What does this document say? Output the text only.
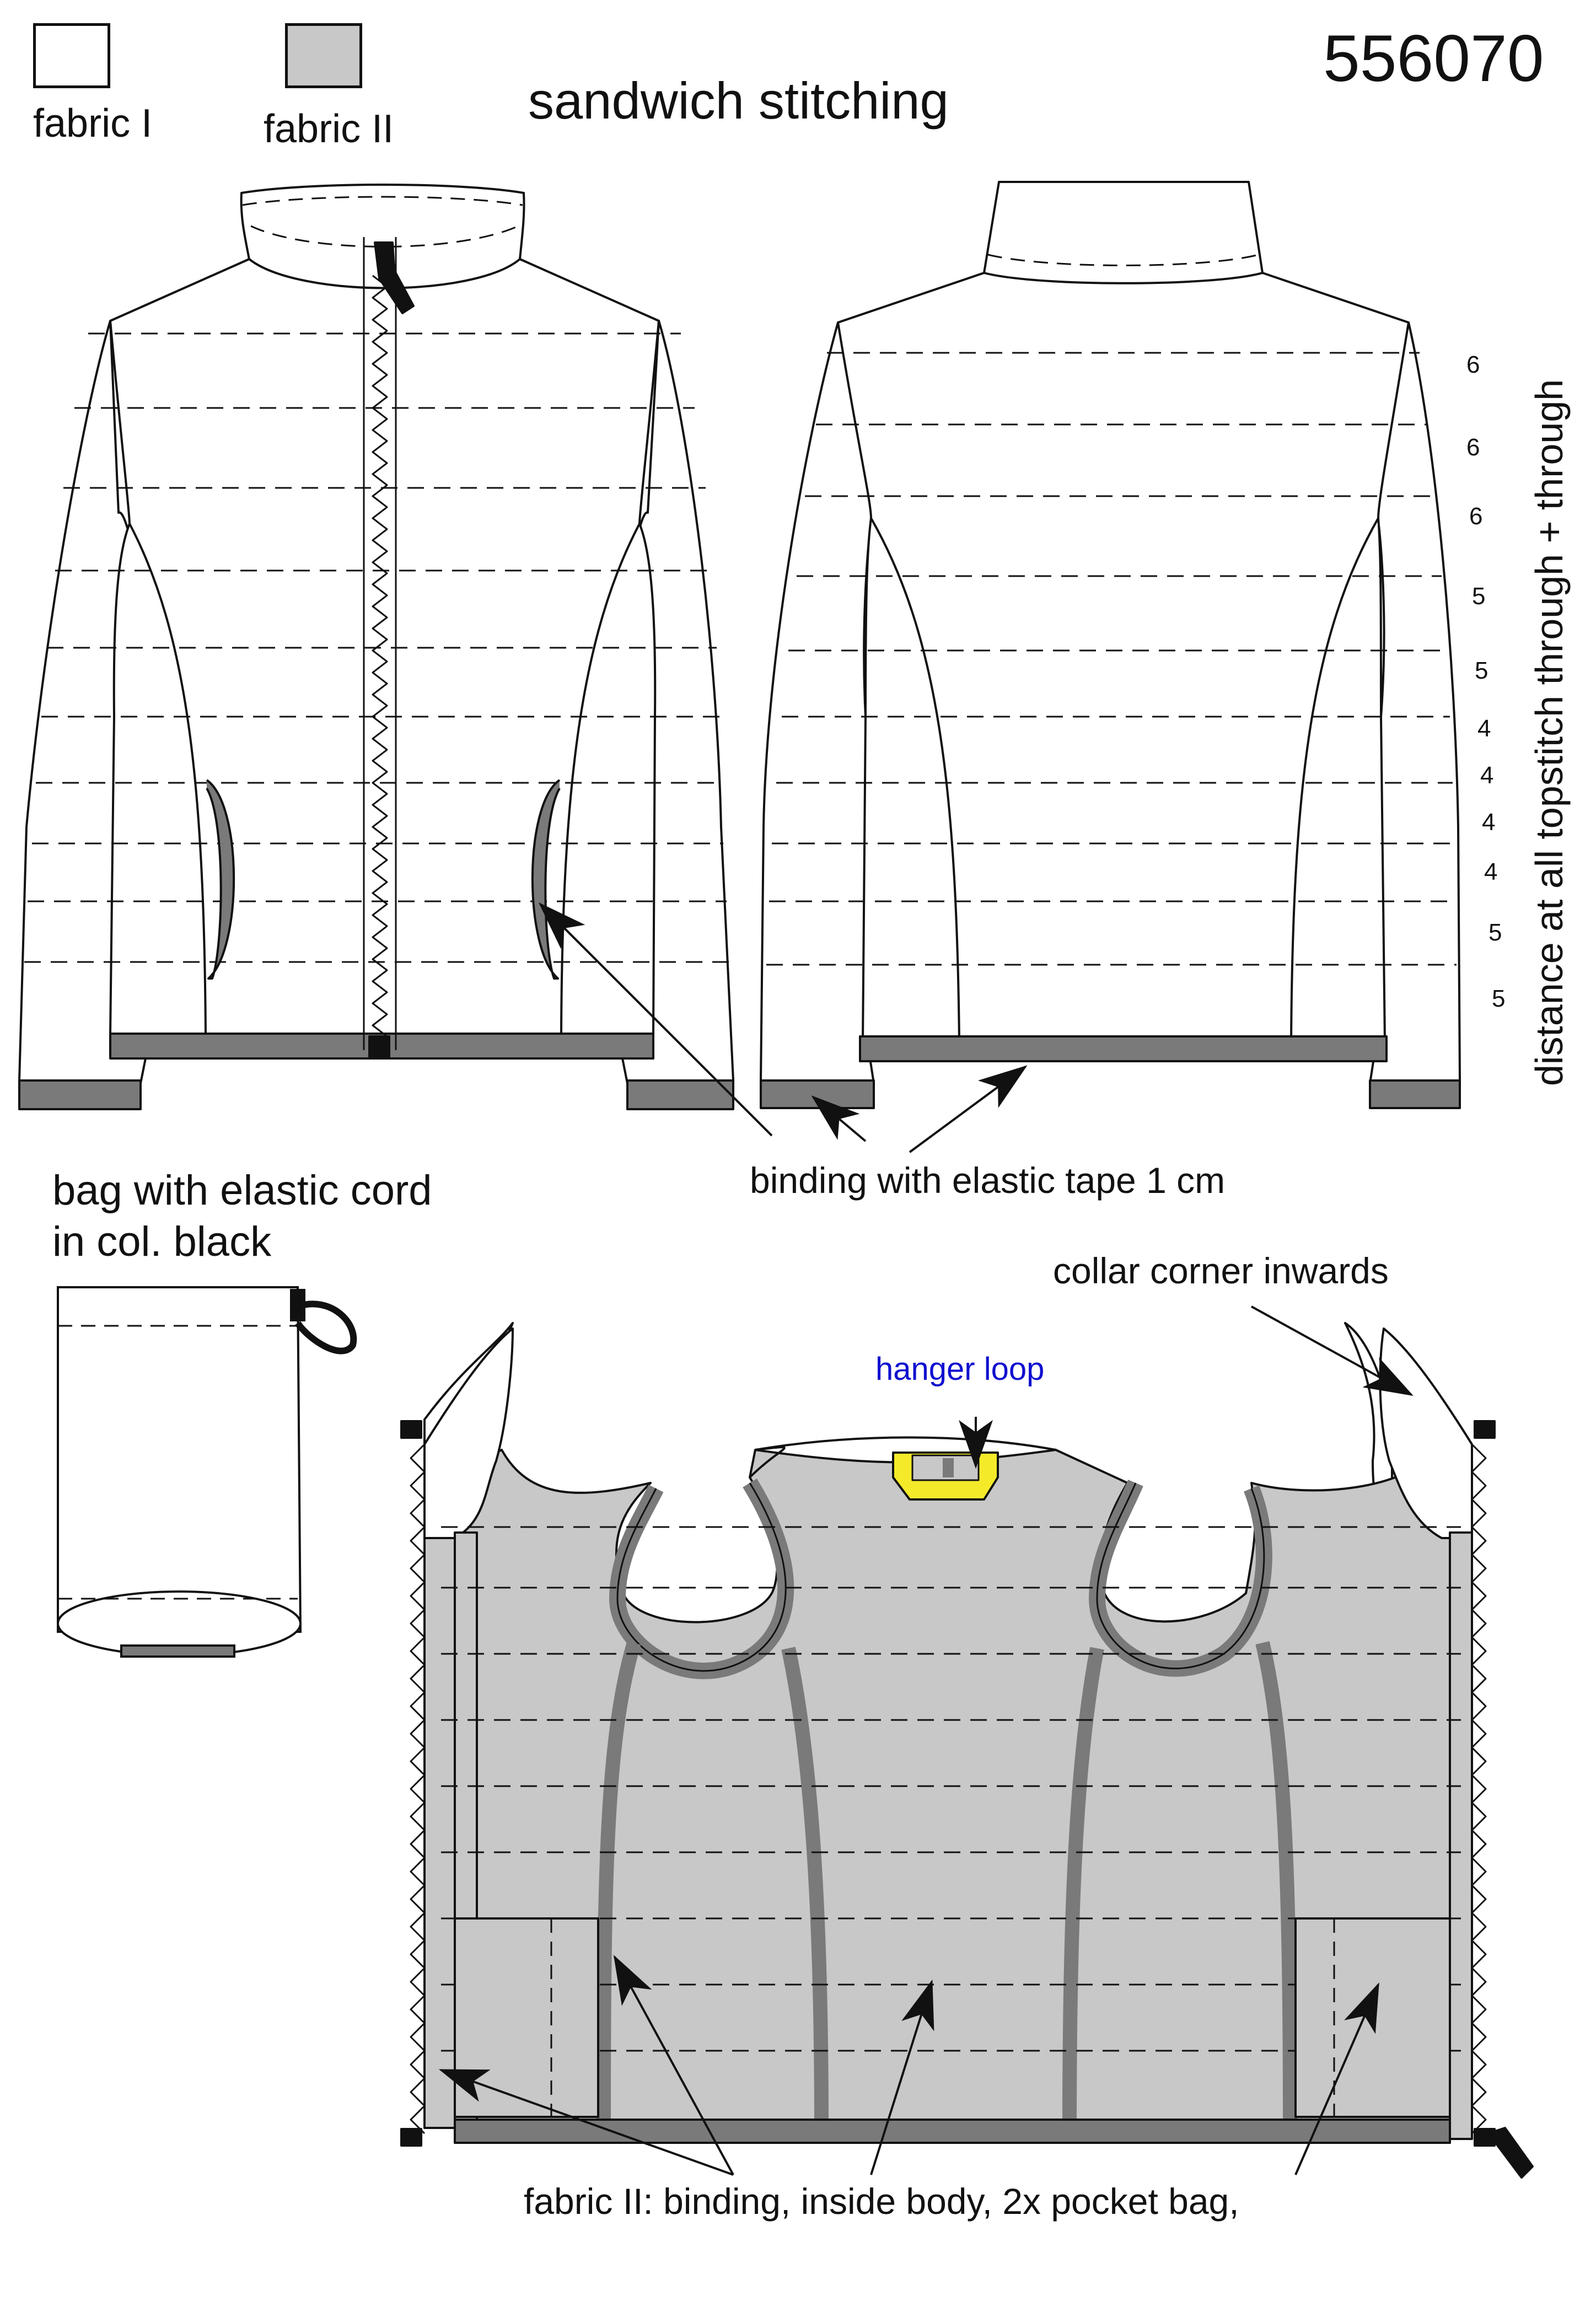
fabric I	fabric II	sandwich stitching

556070

6

6

6

5

5

4

4

4

4

5

5 distance at all topstitch through + through

binding with elastic tape 1 cm

bag with elastic cord

in col. black

collar corner inwards

hanger loop

fabric II: binding, inside body, 2x pocket bag,
